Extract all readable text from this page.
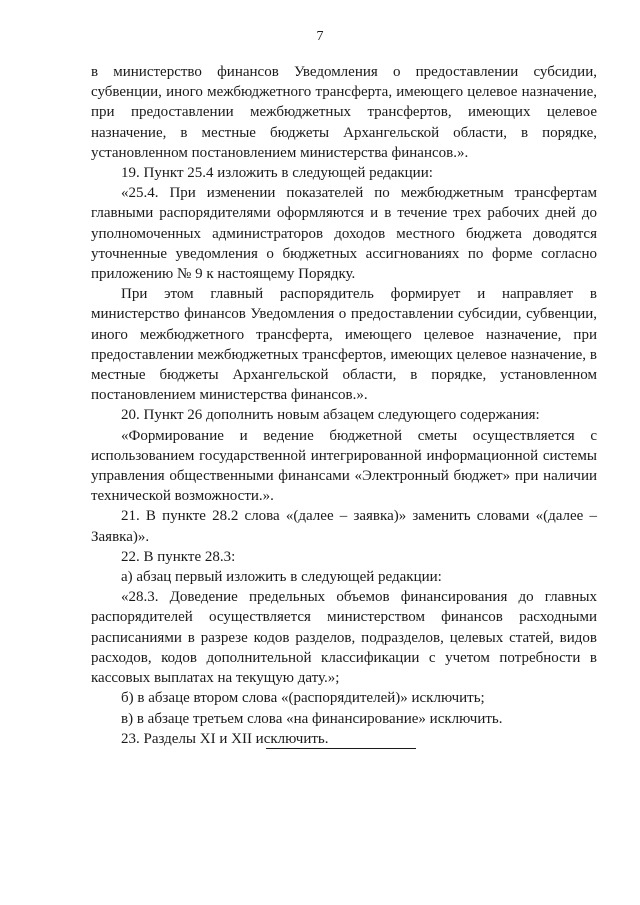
7

в министерство финансов Уведомления о предоставлении субсидии, субвенции, иного межбюджетного трансферта, имеющего целевое назначение, при предоставлении межбюджетных трансфертов, имеющих целевое назначение, в местные бюджеты Архангельской области, в порядке, установленном постановлением министерства финансов.».

19. Пункт 25.4 изложить в следующей редакции:

«25.4. При изменении показателей по межбюджетным трансфертам главными распорядителями оформляются и в течение трех рабочих дней до уполномоченных администраторов доходов местного бюджета доводятся уточненные уведомления о бюджетных ассигнованиях по форме согласно приложению № 9 к настоящему Порядку.

При этом главный распорядитель формирует и направляет в министерство финансов Уведомления о предоставлении субсидии, субвенции, иного межбюджетного трансферта, имеющего целевое назначение, при предоставлении межбюджетных трансфертов, имеющих целевое назначение, в местные бюджеты Архангельской области, в порядке, установленном постановлением министерства финансов.».

20. Пункт 26 дополнить новым абзацем следующего содержания:

«Формирование и ведение бюджетной сметы осуществляется с использованием государственной интегрированной информационной системы управления общественными финансами «Электронный бюджет» при наличии технической возможности.».

21. В пункте 28.2 слова «(далее – заявка)» заменить словами «(далее – Заявка)».

22. В пункте 28.3:

а) абзац первый изложить в следующей редакции:

«28.3. Доведение предельных объемов финансирования до главных распорядителей осуществляется министерством финансов расходными расписаниями в разрезе кодов разделов, подразделов, целевых статей, видов расходов, кодов дополнительной классификации с учетом потребности в кассовых выплатах на текущую дату.»;

б) в абзаце втором слова «(распорядителей)» исключить;

в) в абзаце третьем слова «на финансирование» исключить.

23. Разделы XI и XII исключить.
